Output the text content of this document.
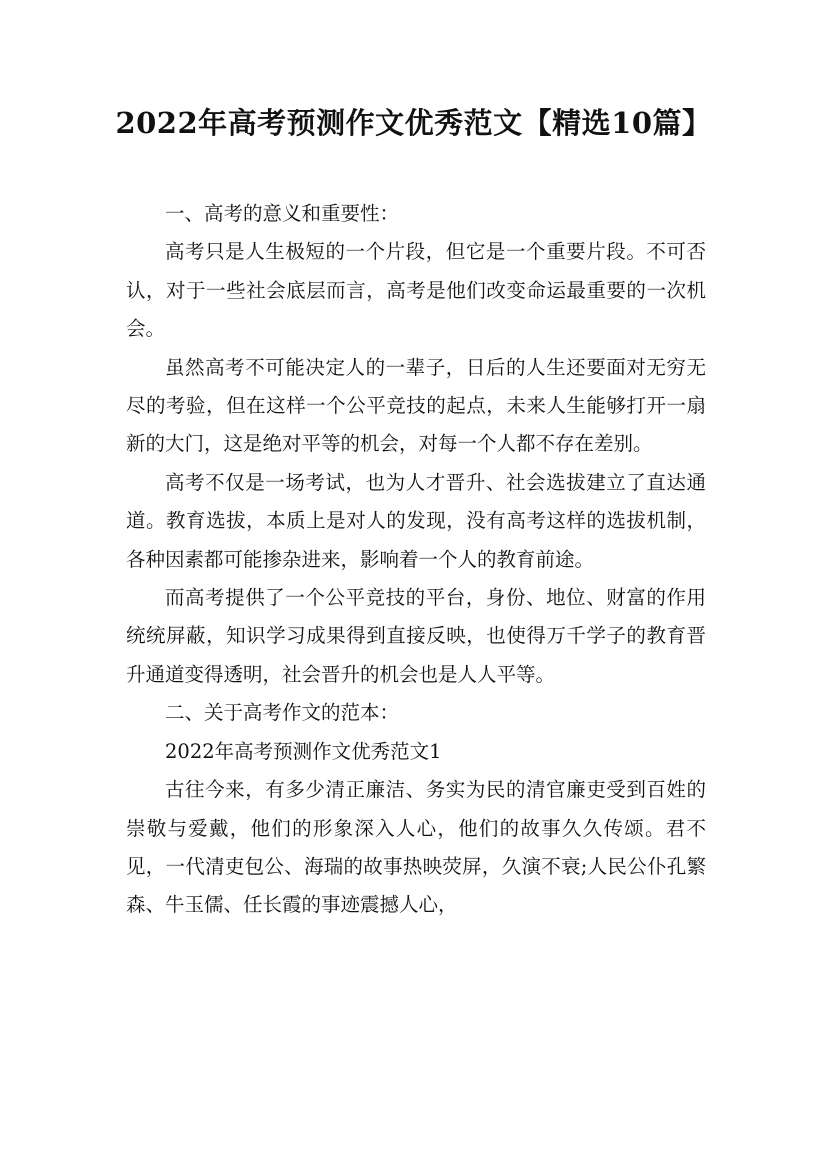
2022年高考预测作文优秀范文【精选10篇】

一、高考的意义和重要性：

高考只是人生极短的一个片段，但它是一个重要片段。不可否认，对于一些社会底层而言，高考是他们改变命运最重要的一次机会。

虽然高考不可能决定人的一辈子，日后的人生还要面对无穷无尽的考验，但在这样一个公平竞技的起点，未来人生能够打开一扇新的大门，这是绝对平等的机会，对每一个人都不存在差别。

高考不仅是一场考试，也为人才晋升、社会选拔建立了直达通道。教育选拔，本质上是对人的发现，没有高考这样的选拔机制，各种因素都可能掺杂进来，影响着一个人的教育前途。

而高考提供了一个公平竞技的平台，身份、地位、财富的作用统统屏蔽，知识学习成果得到直接反映，也使得万千学子的教育晋升通道变得透明，社会晋升的机会也是人人平等。

二、关于高考作文的范本：

2022年高考预测作文优秀范文1

古往今来，有多少清正廉洁、务实为民的清官廉吏受到百姓的崇敬与爱戴，他们的形象深入人心，他们的故事久久传颂。君不见，一代清吏包公、海瑞的故事热映荧屏，久演不衰;人民公仆孔繁森、牛玉儒、任长霞的事迹震撼人心，
